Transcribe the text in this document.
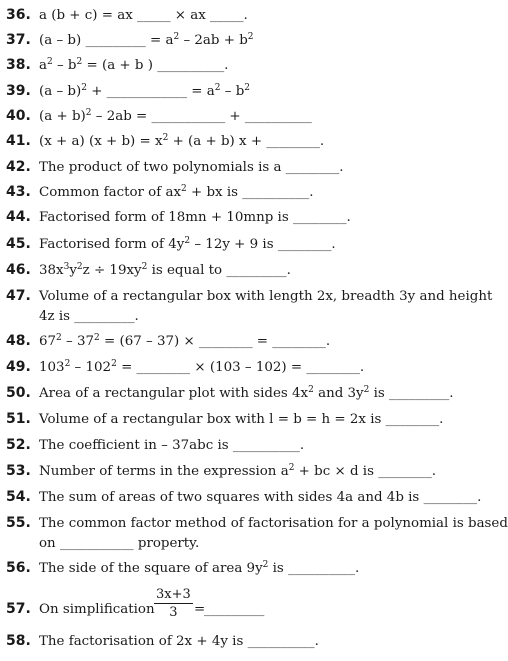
36. a (b + c) = ax _____ × ax _____.
37. (a – b) _________ = $a^2 - 2ab + b^2$
38. $a^2 - b^2 = (a + b$ ) __________.
39. (a – b)$^2$ + ____________ = $a^2 - b^2$
40. $(a + b)^2 - 2ab$ = ___________ + __________
41. (x + a) $(x + b) = x^2 + (a + b) x$ + ________.
42. The product of two polynomials is a ________.
43. Common factor of $ax^2$ + bx is __________.
44. Factorised form of 18mn + 10mnp is ________.
45. Factorised form of $4y^2 - 12y + 9$ is ________.
46. $38x^3y^2z \div 19xy^2$ is equal to _________.
47. Volume of a rectangular box with length 2x, breadth 3y and height
4z is _________.
48. $67^2 - 37^2 = (67 - 37)$ × ________ = ________.
49. $103^2 - 102^2$ = ________ × (103 – 102) = ________.
50. Area of a rectangular plot with sides $4x^2$ and $3y^2$ is _________.
51. Volume of a rectangular box with l = b = h = 2x is ________.
52. The coefficient in – 37abc is __________.
53. Number of terms in the expression $a^2$ + bc × d is ________.
54. The sum of areas of two squares with sides 4a and 4b is ________.
55. The common factor method of factorisation for a polynomial is based
on ___________ property.
56. The side of the square of area $9y^2$ is __________.
57. On simplification $\frac{3x+3}{3}$ =
_________
58. The factorisation of 2x + 4y is __________.
